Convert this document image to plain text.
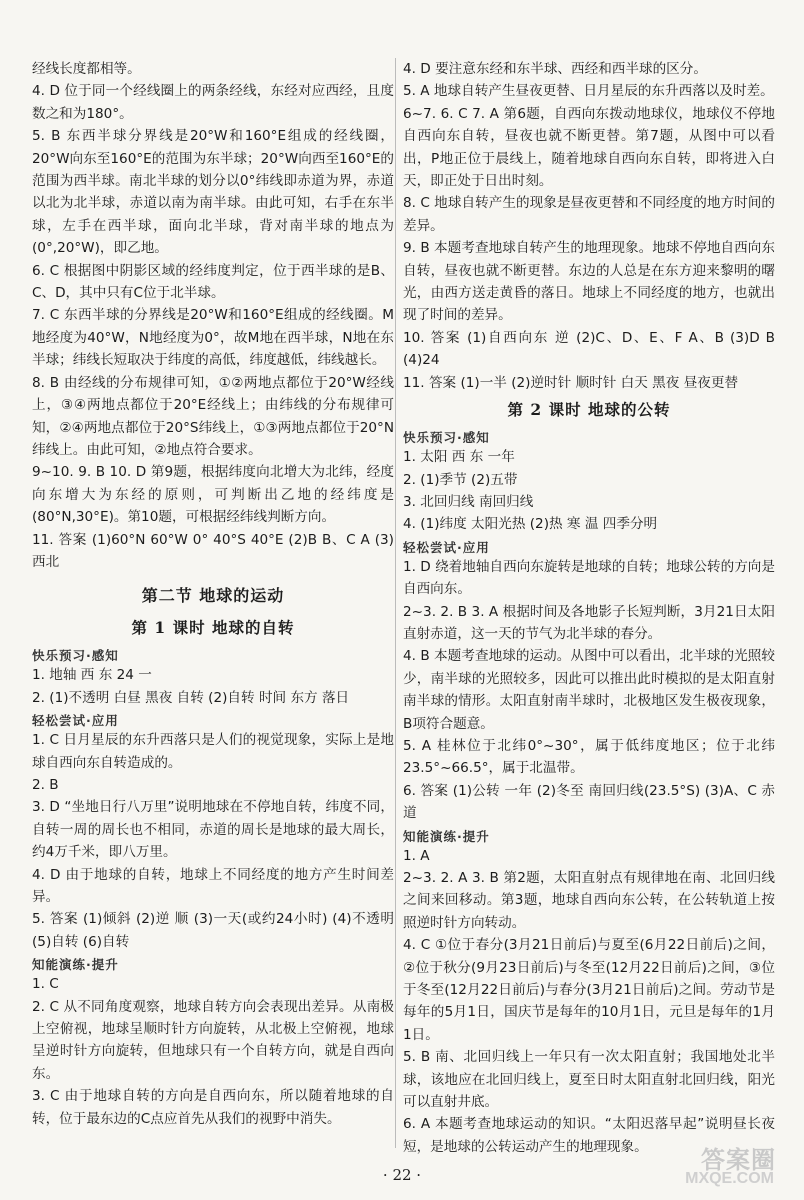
经线长度都相等。
4. D 位于同一个经线圈上的两条经线，东经对应西经，且度数之和为180°。
5. B 东西半球分界线是20°W和160°E组成的经线圈，20°W向东至160°E的范围为东半球；20°W向西至160°E的范围为西半球。南北半球的划分以0°纬线即赤道为界，赤道以北为北半球，赤道以南为南半球。由此可知，右手在东半球，左手在西半球，面向北半球，背对南半球的地点为(0°,20°W)，即乙地。
6. C 根据图中阴影区域的经纬度判定，位于西半球的是B、C、D，其中只有C位于北半球。
7. C 东西半球的分界线是20°W和160°E组成的经线圈。M地经度为40°W，N地经度为0°，故M地在西半球，N地在东半球；纬线长短取决于纬度的高低，纬度越低，纬线越长。
8. B 由经线的分布规律可知，①②两地点都位于20°W经线上，③④两地点都位于20°E经线上；由纬线的分布规律可知，②④两地点都位于20°S纬线上，①③两地点都位于20°N纬线上。由此可知，②地点符合要求。
9~10. 9. B 10. D 第9题，根据纬度向北增大为北纬，经度向东增大为东经的原则，可判断出乙地的经纬度是(80°N,30°E)。第10题，可根据经纬线判断方向。
11. 答案 (1)60°N 60°W 0° 40°S 40°E (2)B B、C A (3)西北
第二节 地球的运动
第 1 课时 地球的自转
快乐预习·感知
1. 地轴 西 东 24 一
2. (1)不透明 白昼 黑夜 自转 (2)自转 时间 东方 落日
轻松尝试·应用
1. C 日月星辰的东升西落只是人们的视觉现象，实际上是地球自西向东自转造成的。
2. B
3. D “坐地日行八万里”说明地球在不停地自转，纬度不同，自转一周的周长也不相同，赤道的周长是地球的最大周长，约4万千米，即八万里。
4. D 由于地球的自转，地球上不同经度的地方产生时间差异。
5. 答案 (1)倾斜 (2)逆 顺 (3)一天(或约24小时) (4)不透明 (5)自转 (6)自转
知能演练·提升
1. C
2. C 从不同角度观察，地球自转方向会表现出差异。从南极上空俯视，地球呈顺时针方向旋转，从北极上空俯视，地球呈逆时针方向旋转，但地球只有一个自转方向，就是自西向东。
3. C 由于地球自转的方向是自西向东，所以随着地球的自转，位于最东边的C点应首先从我们的视野中消失。
4. D 要注意东经和东半球、西经和西半球的区分。
5. A 地球自转产生昼夜更替、日月星辰的东升西落以及时差。
6~7. 6. C 7. A 第6题，自西向东拨动地球仪，地球仪不停地自西向东自转，昼夜也就不断更替。第7题，从图中可以看出，P地正位于晨线上，随着地球自西向东自转，即将进入白天，即正处于日出时刻。
8. C 地球自转产生的现象是昼夜更替和不同经度的地方时间的差异。
9. B 本题考查地球自转产生的地理现象。地球不停地自西向东自转，昼夜也就不断更替。东边的人总是在东方迎来黎明的曙光，由西方送走黄昏的落日。地球上不同经度的地方，也就出现了时间的差异。
10. 答案 (1)自西向东 逆 (2)C、D、E、F A、B (3)D B (4)24
11. 答案 (1)一半 (2)逆时针 顺时针 白天 黑夜 昼夜更替
第 2 课时 地球的公转
快乐预习·感知
1. 太阳 西 东 一年
2. (1)季节 (2)五带
3. 北回归线 南回归线
4. (1)纬度 太阳光热 (2)热 寒 温 四季分明
轻松尝试·应用
1. D 绕着地轴自西向东旋转是地球的自转；地球公转的方向是自西向东。
2~3. 2. B 3. A 根据时间及各地影子长短判断，3月21日太阳直射赤道，这一天的节气为北半球的春分。
4. B 本题考查地球的运动。从图中可以看出，北半球的光照较少，南半球的光照较多，因此可以推出此时模拟的是太阳直射南半球的情形。太阳直射南半球时，北极地区发生极夜现象，B项符合题意。
5. A 桂林位于北纬0°~30°，属于低纬度地区；位于北纬23.5°~66.5°，属于北温带。
6. 答案 (1)公转 一年 (2)冬至 南回归线(23.5°S) (3)A、C 赤道
知能演练·提升
1. A
2~3. 2. A 3. B 第2题，太阳直射点有规律地在南、北回归线之间来回移动。第3题，地球自西向东公转，在公转轨道上按照逆时针方向转动。
4. C ①位于春分(3月21日前后)与夏至(6月22日前后)之间，②位于秋分(9月23日前后)与冬至(12月22日前后)之间，③位于冬至(12月22日前后)与春分(3月21日前后)之间。劳动节是每年的5月1日，国庆节是每年的10月1日，元旦是每年的1月1日。
5. B 南、北回归线上一年只有一次太阳直射；我国地处北半球，该地应在北回归线上，夏至日时太阳直射北回归线，阳光可以直射井底。
6. A 本题考查地球运动的知识。“太阳迟落早起”说明昼长夜短，是地球的公转运动产生的地理现象。
· 22 ·
答案圈
MXQE.COM
